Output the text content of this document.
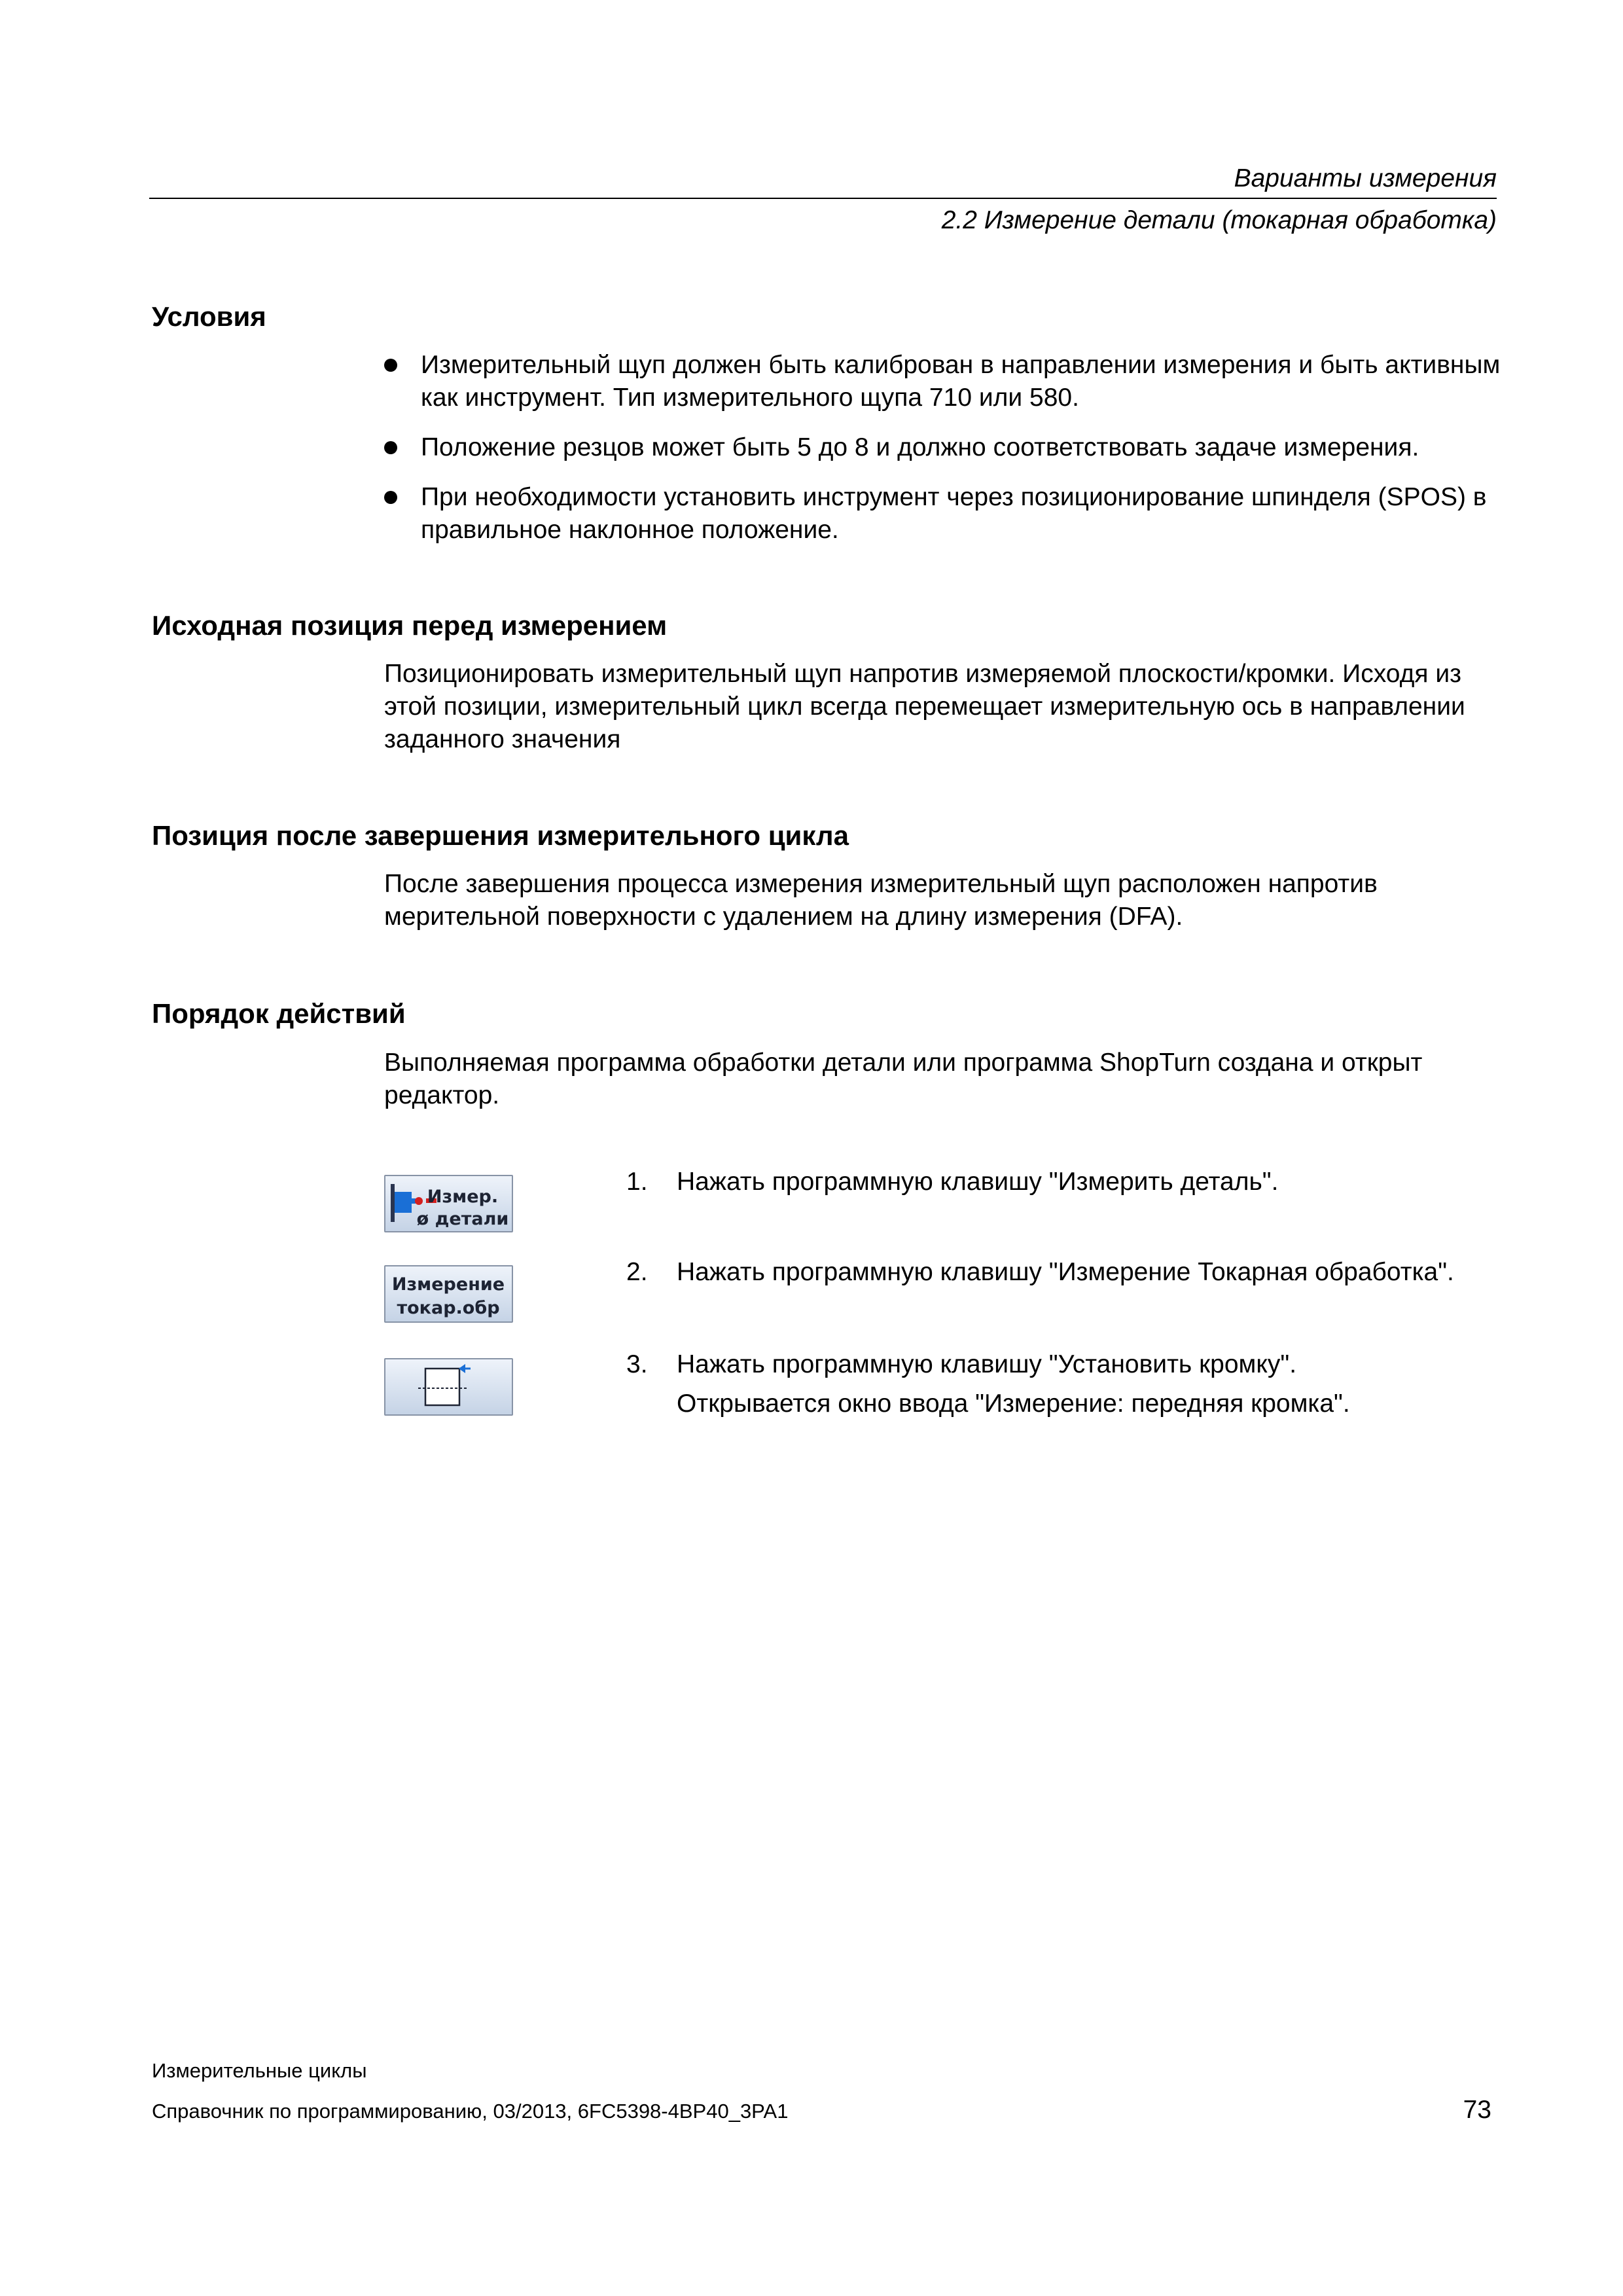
Варианты измерения
2.2 Измерение детали (токарная обработка)
Условия
Измерительный щуп должен быть калиброван в направлении измерения и быть активным как инструмент. Тип измерительного щупа 710 или 580.
Положение резцов может быть 5 до 8 и должно соответствовать задаче измерения.
При необходимости установить инструмент через позиционирование шпинделя (SPOS) в правильное наклонное положение.
Исходная позиция перед измерением
Позиционировать измерительный щуп напротив измеряемой плоскости/кромки. Исходя из этой позиции, измерительный цикл всегда перемещает измерительную ось в направлении заданного значения
Позиция после завершения измерительного цикла
После завершения процесса измерения измерительный щуп расположен напротив мерительной поверхности с удалением на длину измерения (DFA).
Порядок действий
Выполняемая программа обработки детали или программа ShopTurn создана и открыт редактор.
Измер.
ø детали
Измерение
токар.обр
1. Нажать программную клавишу "Измерить деталь".
2. Нажать программную клавишу "Измерение Токарная обработка".
3. Нажать программную клавишу "Установить кромку".
Открывается окно ввода "Измерение: передняя кромка".
Измерительные циклы
Справочник по программированию, 03/2013, 6FC5398-4BP40_3PA1	73
